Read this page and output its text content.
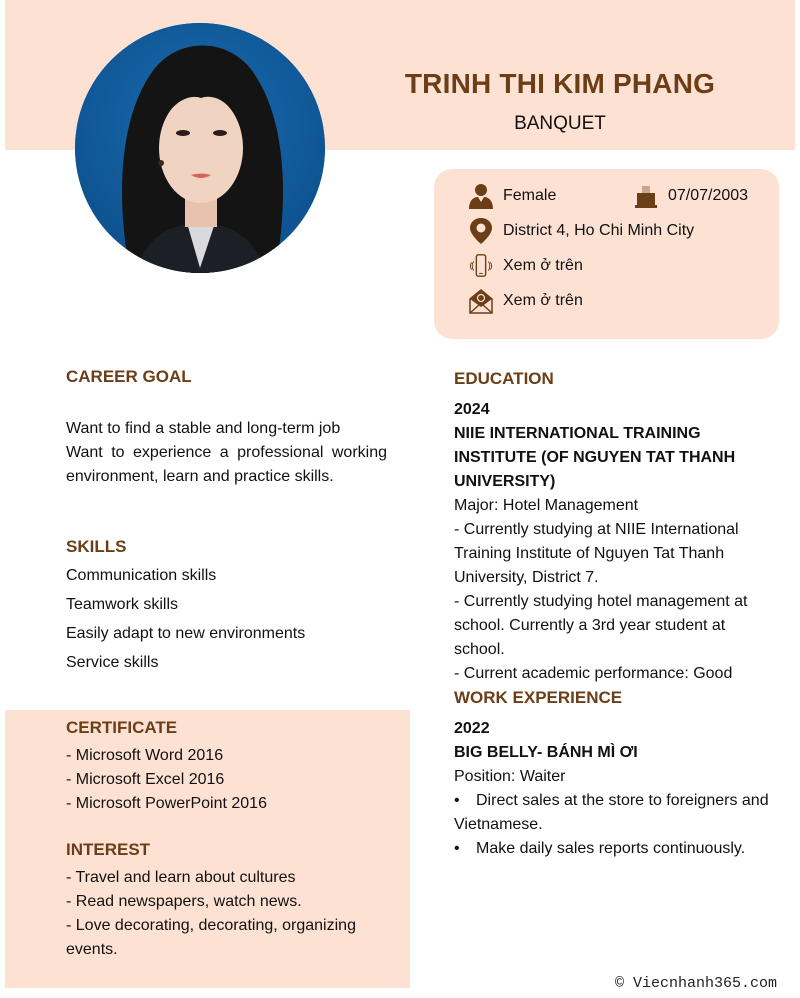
TRINH THI KIM PHANG
BANQUET
Female	07/07/2003
District 4, Ho Chi Minh City
Xem ở trên
Xem ở trên
CAREER GOAL
Want to find a stable and long-term job
Want to experience a professional working environment, learn and practice skills.
SKILLS
Communication skills
Teamwork skills
Easily adapt to new environments
Service skills
CERTIFICATE
- Microsoft Word 2016
- Microsoft Excel 2016
- Microsoft PowerPoint 2016
INTEREST
- Travel and learn about cultures
- Read newspapers, watch news.
- Love decorating, decorating, organizing events.
EDUCATION
2024
NIIE INTERNATIONAL TRAINING INSTITUTE (OF NGUYEN TAT THANH UNIVERSITY)
Major: Hotel Management
- Currently studying at NIIE International Training Institute of Nguyen Tat Thanh University, District 7.
- Currently studying hotel management at school. Currently a 3rd year student at school.
- Current academic performance: Good
WORK EXPERIENCE
2022
BIG BELLY- BÁNH MÌ ƠI
Position: Waiter
• Direct sales at the store to foreigners and Vietnamese.
• Make daily sales reports continuously.
© Viecnhanh365.com
